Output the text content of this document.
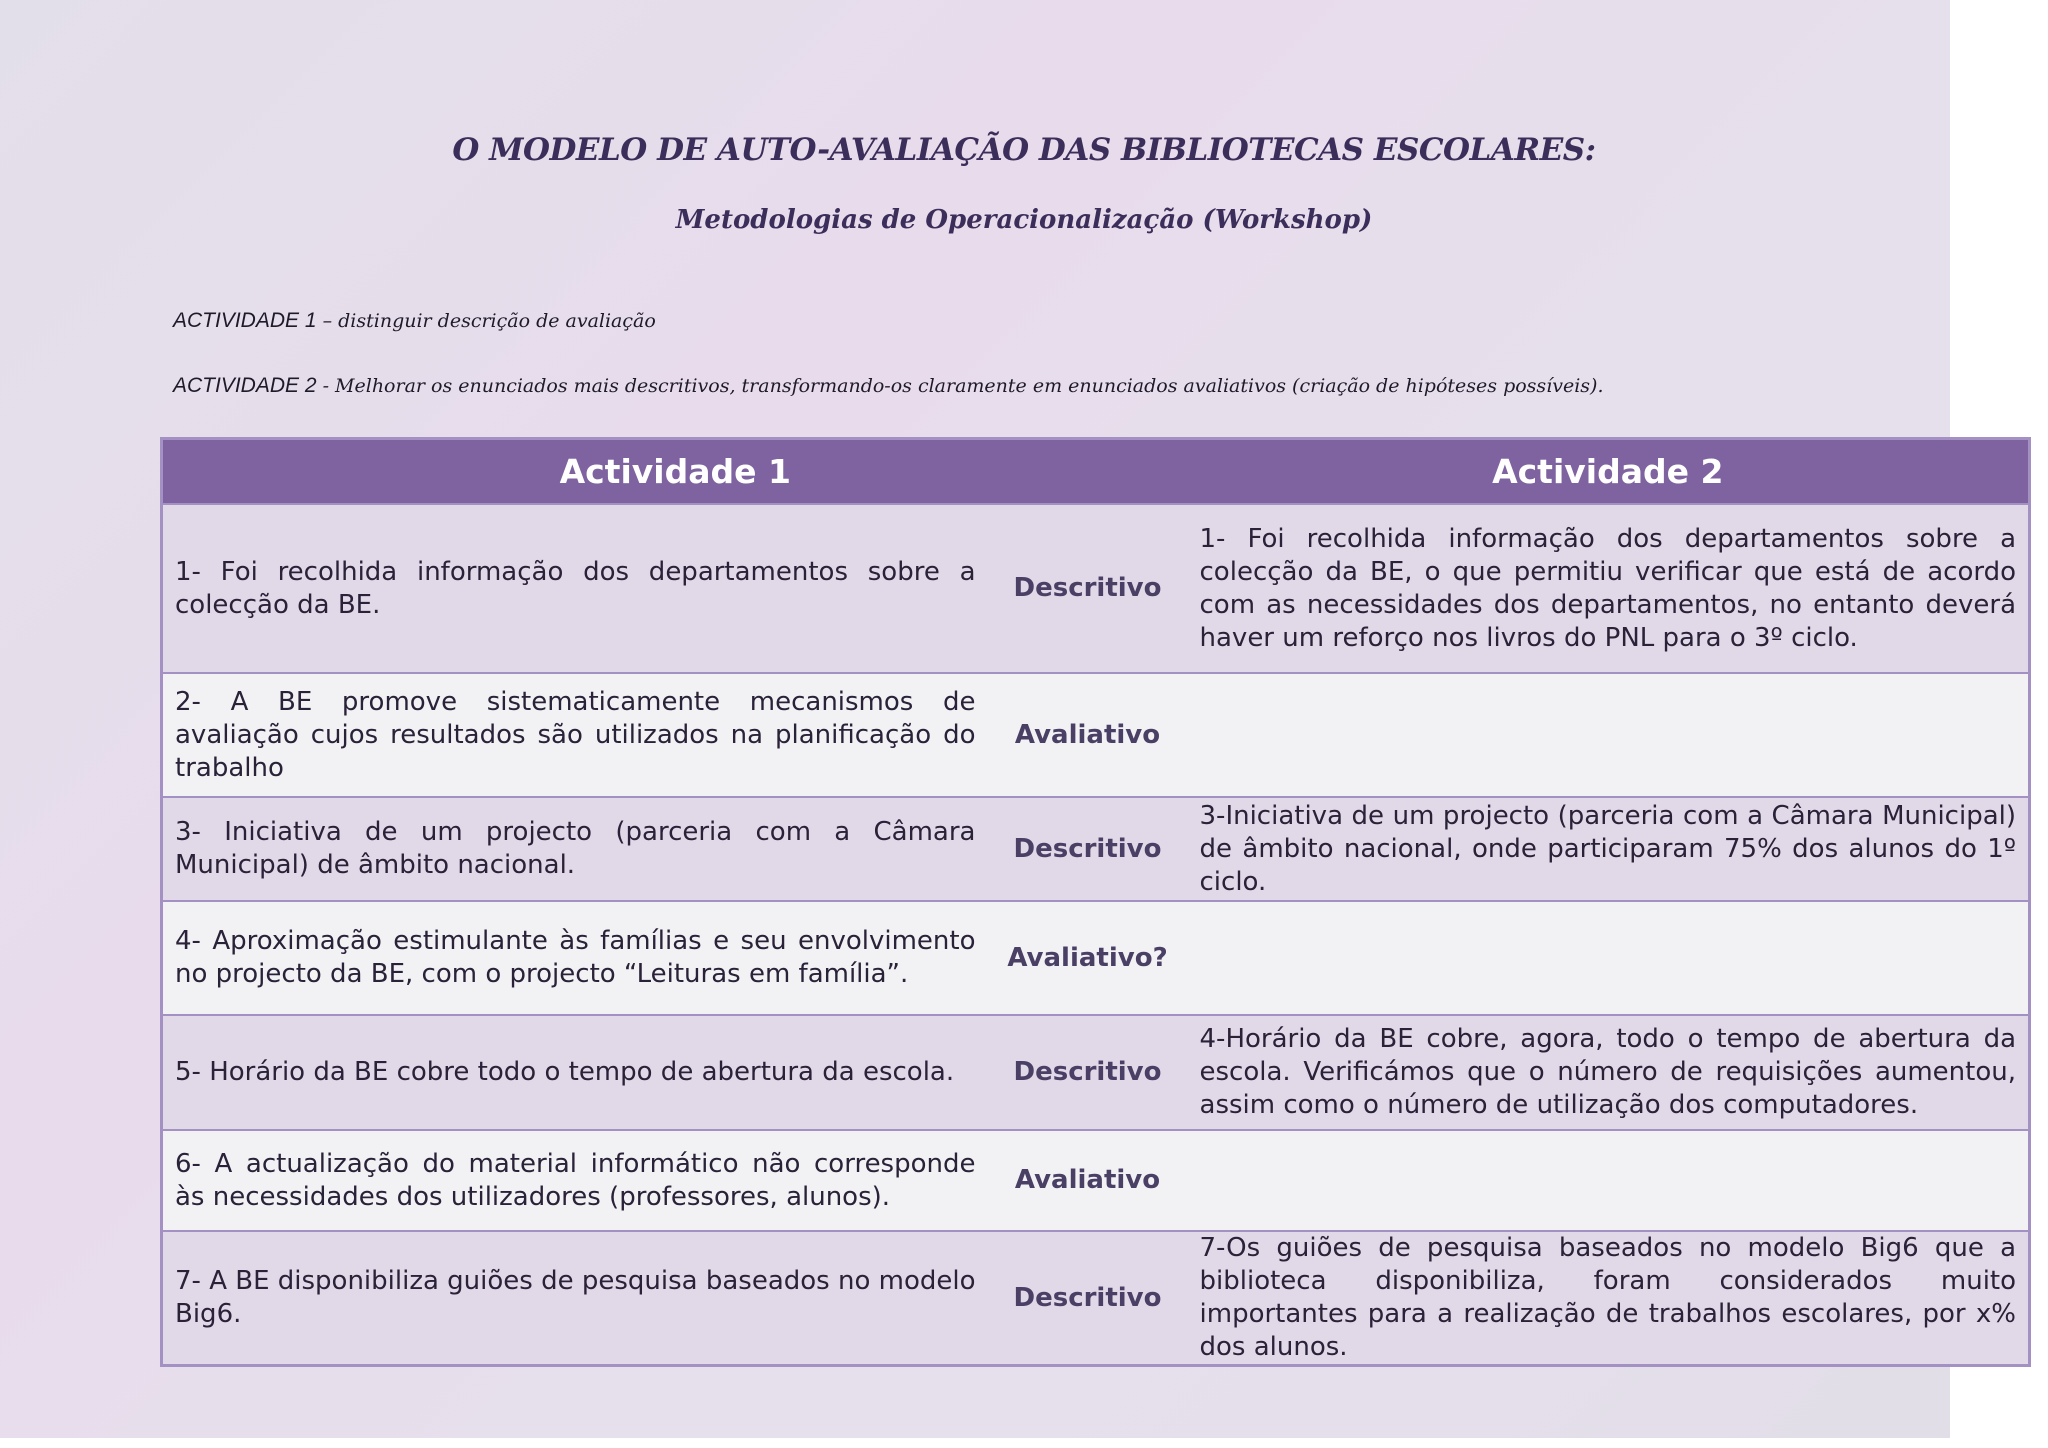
O MODELO DE AUTO-AVALIAÇÃO DAS BIBLIOTECAS ESCOLARES:
Metodologias de Operacionalização (Workshop)
ACTIVIDADE 1 – distinguir descrição de avaliação
ACTIVIDADE 2 - Melhorar os enunciados mais descritivos, transformando-os claramente em enunciados avaliativos (criação de hipóteses possíveis).
Actividade 1		Actividade 2
1- Foi recolhida informação dos departamentos sobre a colecção da BE.	Descritivo	1- Foi recolhida informação dos departamentos sobre a colecção da BE, o que permitiu verificar que está de acordo com as necessidades dos departamentos, no entanto deverá haver um reforço nos livros do PNL para o 3º ciclo.
2- A BE promove sistematicamente mecanismos de avaliação cujos resultados são utilizados na planificação do trabalho	Avaliativo	
3- Iniciativa de um projecto (parceria com a Câmara Municipal) de âmbito nacional.	Descritivo	3-Iniciativa de um projecto (parceria com a Câmara Municipal) de âmbito nacional, onde participaram 75% dos alunos do 1º ciclo.
4- Aproximação estimulante às famílias e seu envolvimento no projecto da BE, com o projecto “Leituras em família”.	Avaliativo?	
5- Horário da BE cobre todo o tempo de abertura da escola.	Descritivo	4-Horário da BE cobre, agora, todo o tempo de abertura da escola. Verificámos que o número de requisições aumentou, assim como o número de utilização dos computadores.
6- A actualização do material informático não corresponde às necessidades dos utilizadores (professores, alunos).	Avaliativo	
7- A BE disponibiliza guiões de pesquisa baseados no modelo Big6.	Descritivo	7-Os guiões de pesquisa baseados no modelo Big6 que a biblioteca disponibiliza, foram considerados muito importantes para a realização de trabalhos escolares, por x% dos alunos.
